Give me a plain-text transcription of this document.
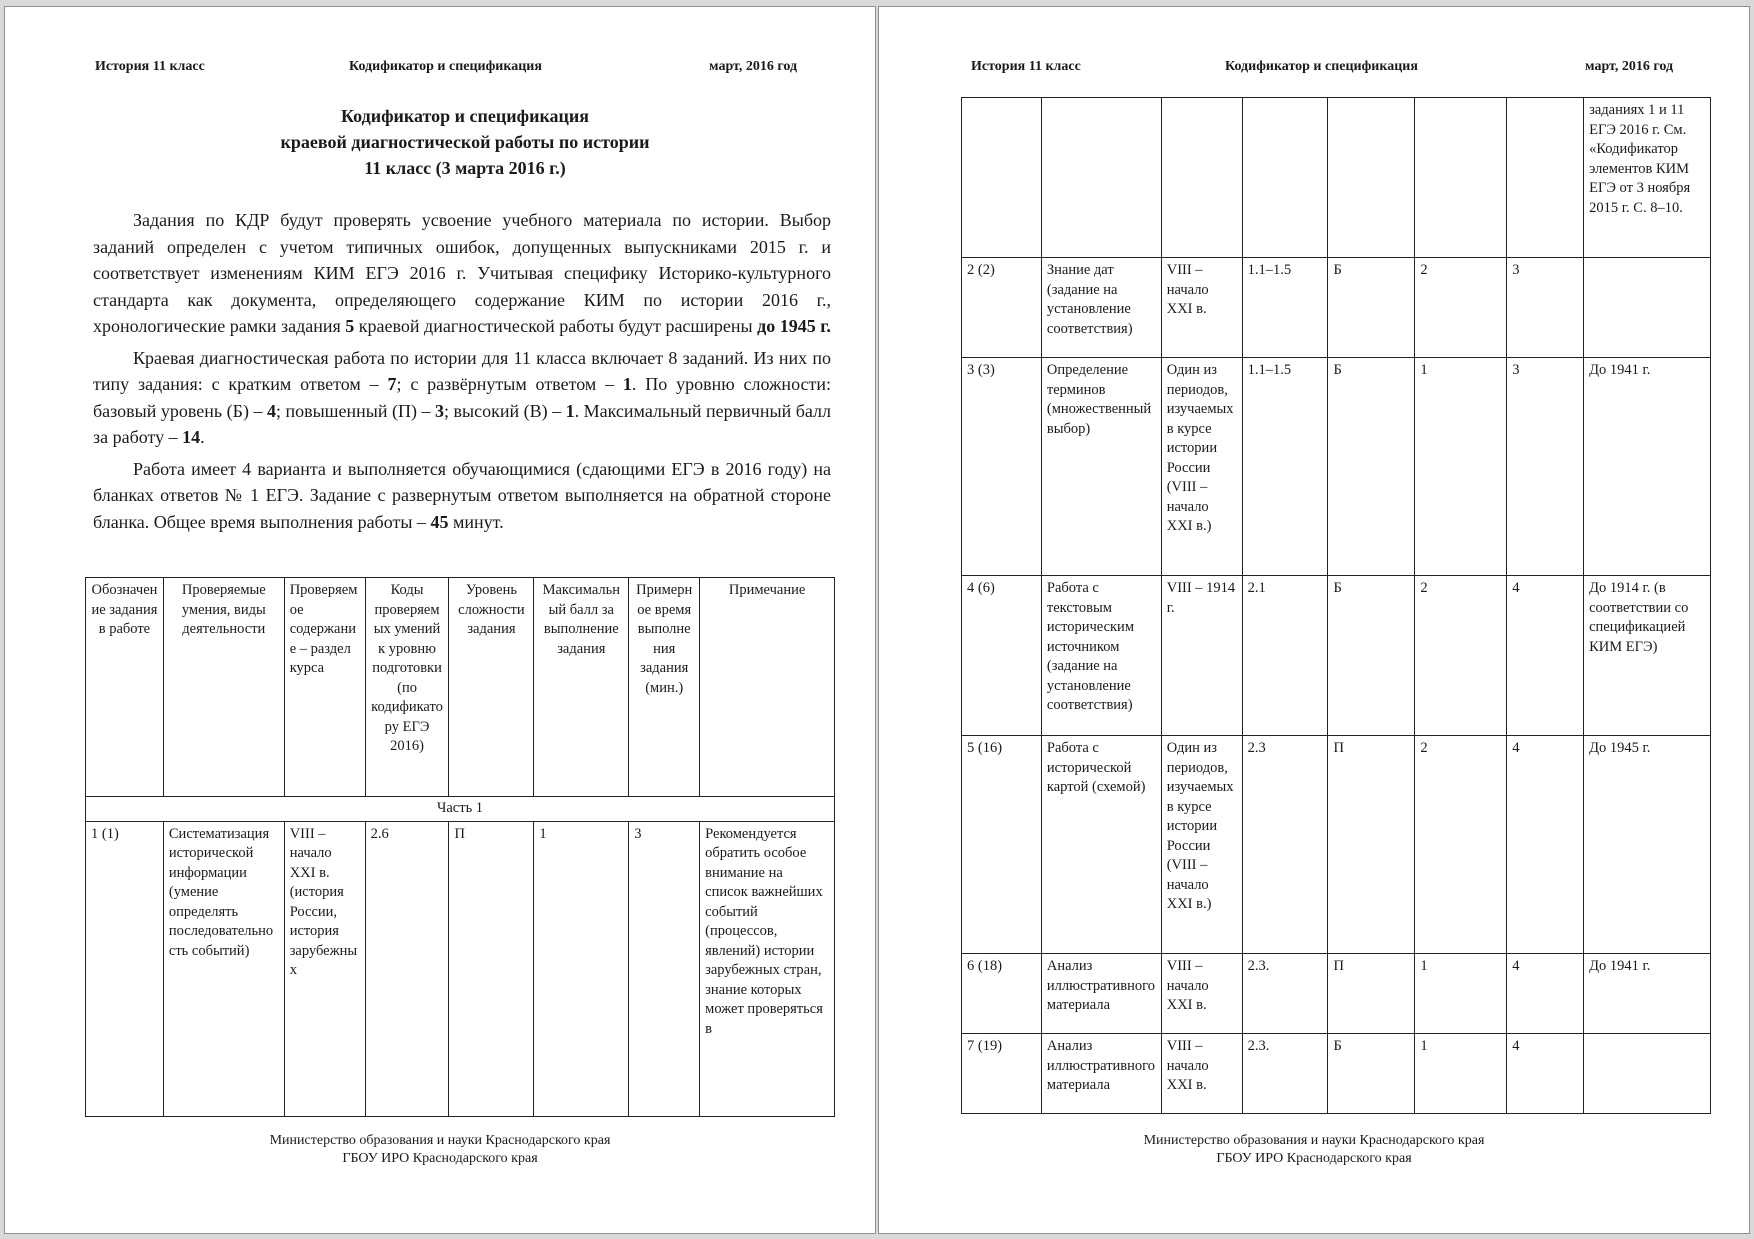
История 11 класс	Кодификатор и спецификация	март, 2016 год
Кодификатор и спецификация
краевой диагностической работы по истории
11 класс (3 марта 2016 г.)

Задания по КДР будут проверять усвоение учебного материала по истории. Выбор заданий определен с учетом типичных ошибок, допущенных выпускниками 2015 г. и соответствует изменениям КИМ ЕГЭ 2016 г. Учитывая специфику Историко-культурного стандарта как документа, определяющего содержание КИМ по истории 2016 г., хронологические рамки задания 5 краевой диагностической работы будут расширены до 1945 г.

Краевая диагностическая работа по истории для 11 класса включает 8 заданий. Из них по типу задания: с кратким ответом – 7; с развёрнутым ответом – 1. По уровню сложности: базовый уровень (Б) – 4; повышенный (П) – 3; высокий (В) – 1. Максимальный первичный балл за работу – 14.

Работа имеет 4 варианта и выполняется обучающимися (сдающими ЕГЭ в 2016 году) на бланках ответов № 1 ЕГЭ. Задание с развернутым ответом выполняется на обратной стороне бланка. Общее время выполнения работы – 45 минут.

Обозначение задания в работе	Проверяемые умения, виды деятельности	Проверяемое содержание – раздел курса	Коды проверяемых умений к уровню подготовки (по кодификатору ЕГЭ 2016)	Уровень сложности задания	Максимальный балл за выполнение задания	Примерное время выполнения задания (мин.)	Примечание
Часть 1							
1 (1)	Систематизация исторической информации (умение определять последовательность событий)	VIII – начало XXI в. (история России, история зарубежных	2.6	П	1	3	Рекомендуется обратить особое внимание на список важнейших событий (процессов, явлений) истории зарубежных стран, знание которых может проверяться в
Министерство образования и науки Краснодарского края
ГБОУ ИРО Краснодарского края
История 11 класс	Кодификатор и спецификация	март, 2016 год
							заданиях 1 и 11 ЕГЭ 2016 г. См. «Кодификатор элементов КИМ ЕГЭ от 3 ноября 2015 г. С. 8–10.
2 (2)	Знание дат (задание на установление соответствия)	VIII – начало XXI в.	1.1–1.5	Б	2	3	
3 (3)	Определение терминов (множественный выбор)	Один из периодов, изучаемых в курсе истории России (VIII – начало XXI в.)	1.1–1.5	Б	1	3	До 1941 г.
4 (6)	Работа с текстовым историческим источником (задание на установление соответствия)	VIII – 1914 г.	2.1	Б	2	4	До 1914 г. (в соответствии со спецификацией КИМ ЕГЭ)
5 (16)	Работа с исторической картой (схемой)	Один из периодов, изучаемых в курсе истории России (VIII – начало XXI в.)	2.3	П	2	4	До 1945 г.
6 (18)	Анализ иллюстративного материала	VIII – начало XXI в.	2.3.	П	1	4	До 1941 г.
7 (19)	Анализ иллюстративного материала	VIII – начало XXI в.	2.3.	Б	1	4	
Министерство образования и науки Краснодарского края
ГБОУ ИРО Краснодарского края
